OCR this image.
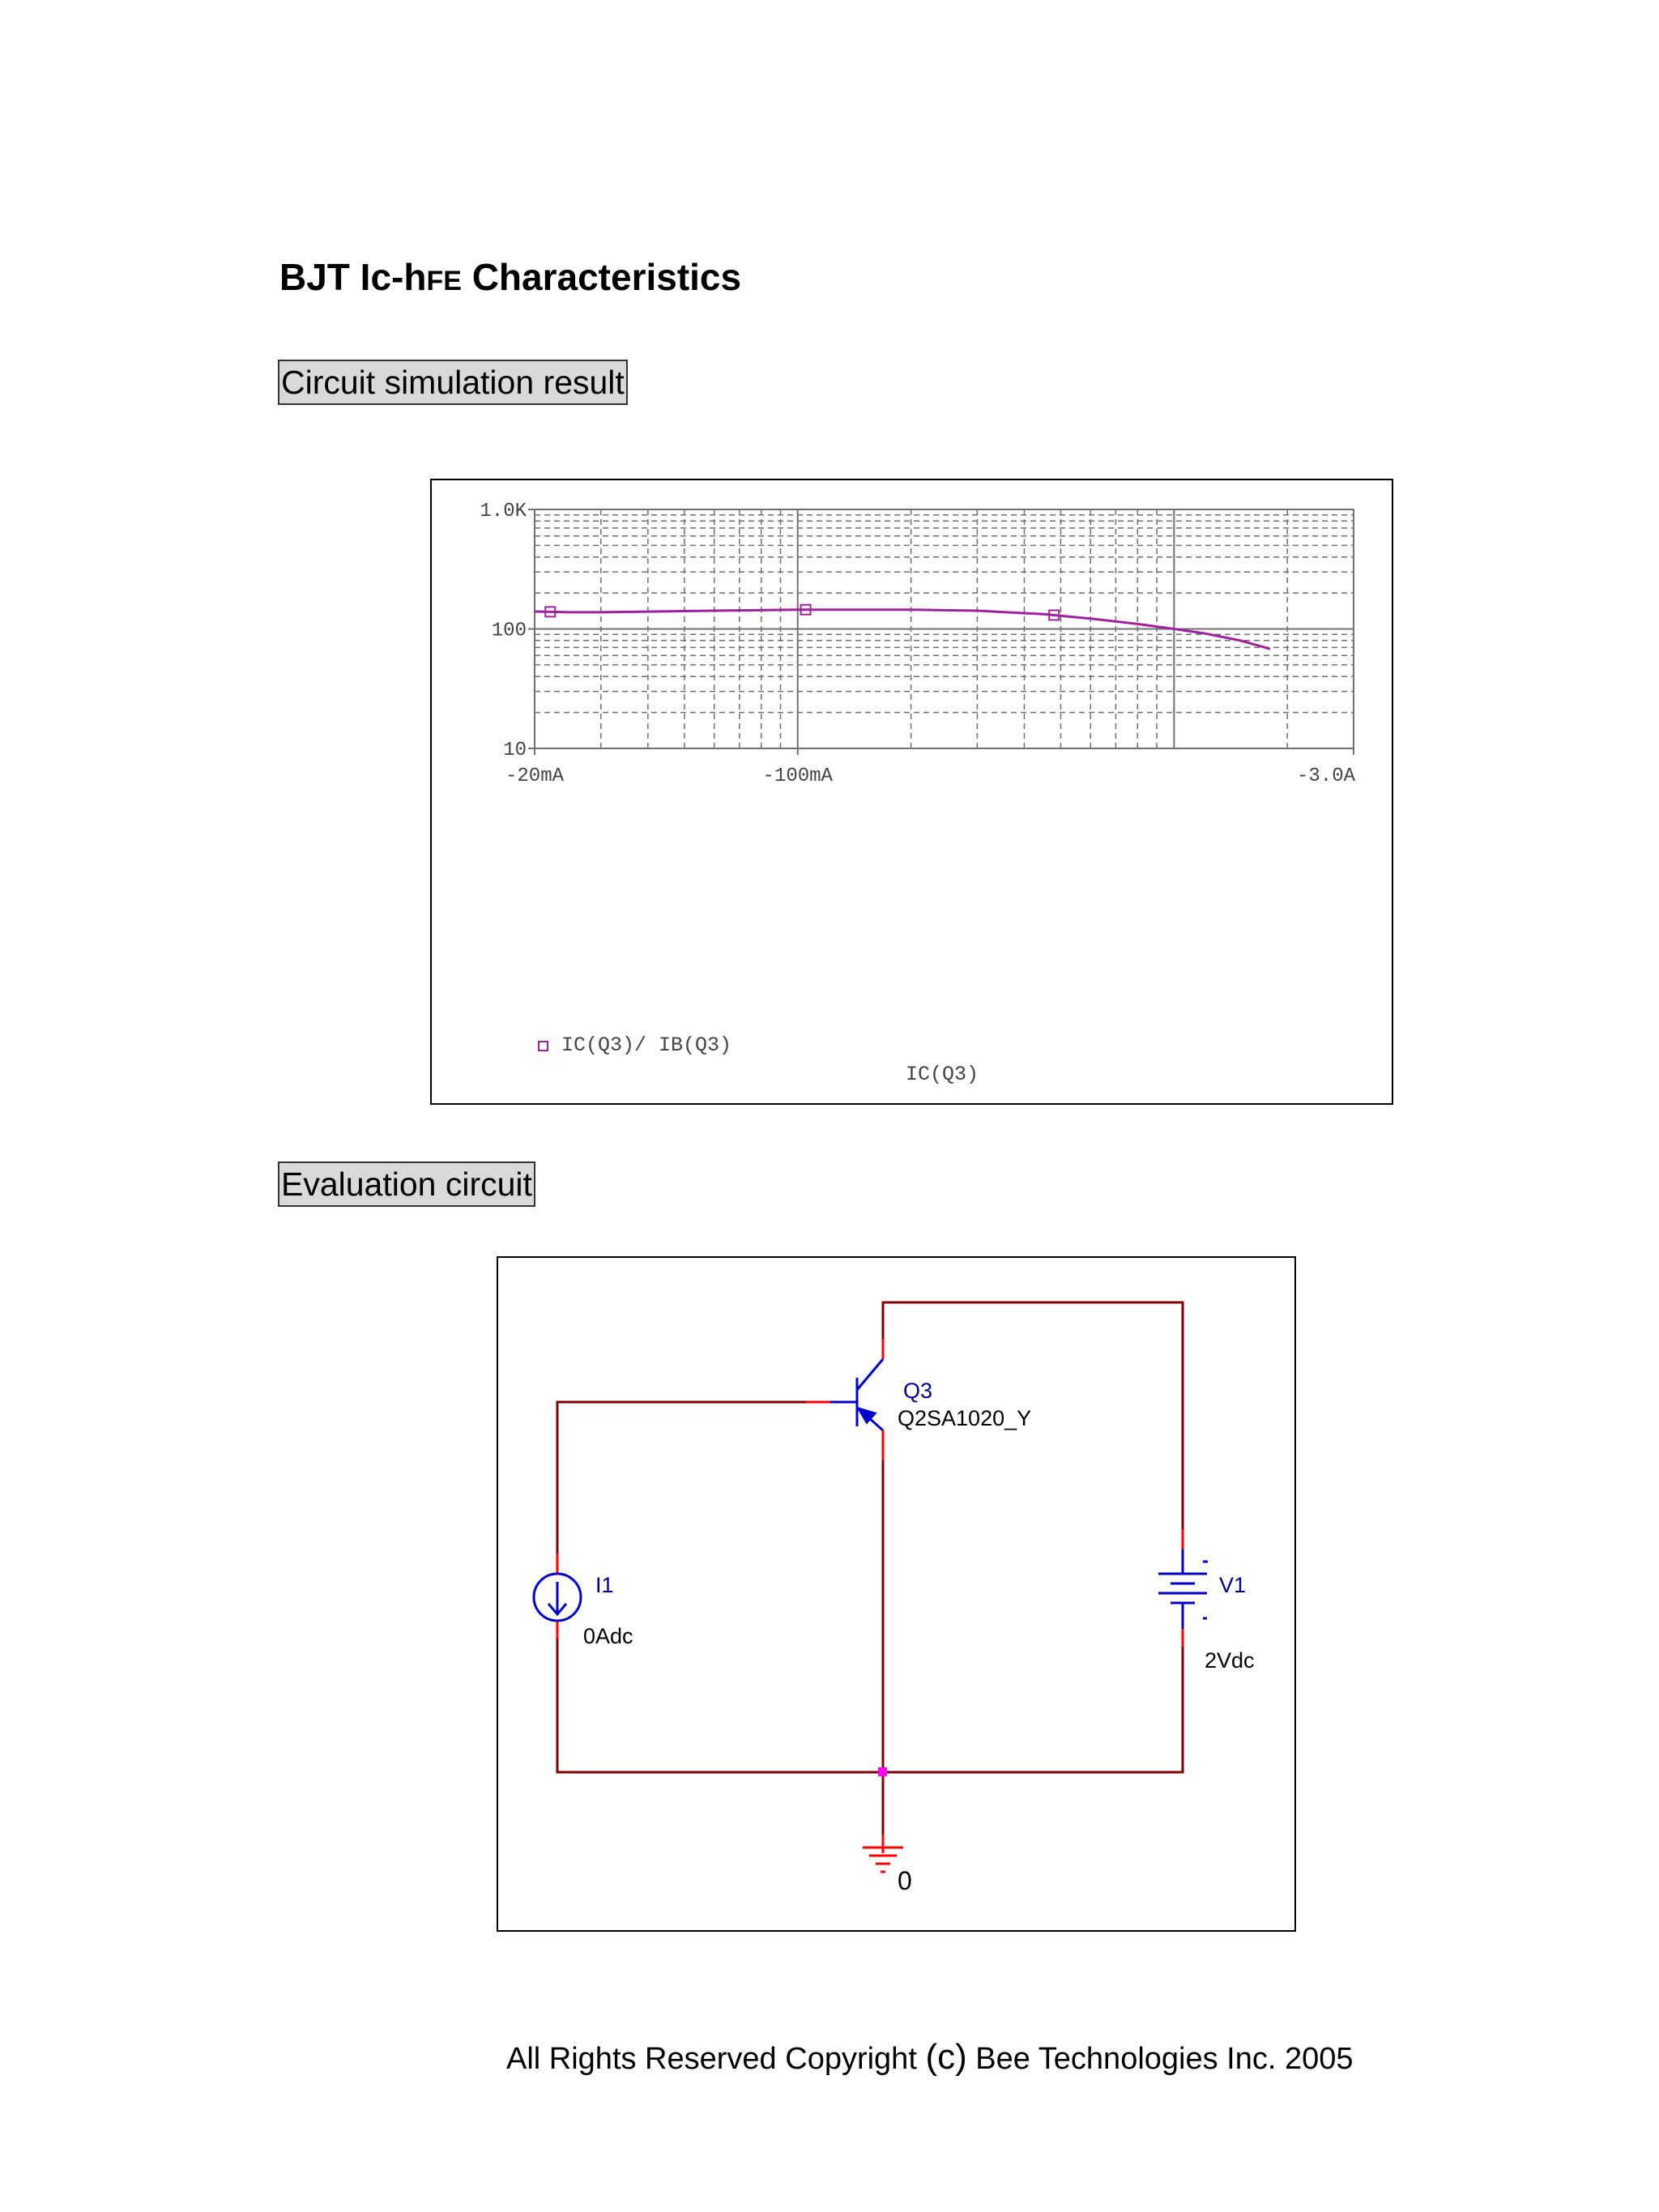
BJT Ic-hFE Characteristics
Circuit simulation result
1.0K
100
10
-20mA	-100mA	-3.0A
IC(Q3)/ IB(Q3)
IC(Q3)
Evaluation circuit
Q3
Q2SA1020_Y
I1
0Adc
V1
2Vdc
0
All Rights Reserved Copyright (c) Bee Technologies Inc. 2005
